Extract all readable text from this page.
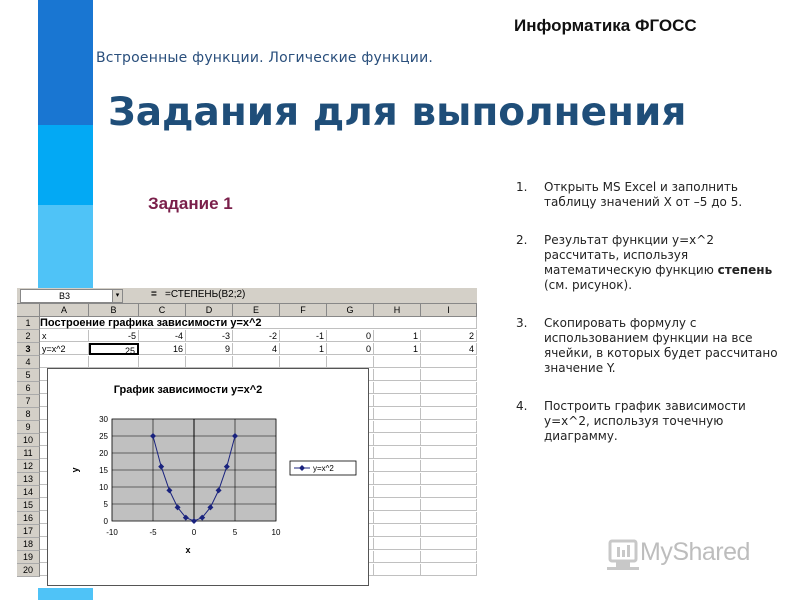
Информатика ФГОСС
Встроенные функции. Логические функции.
Задания для выполнения
Задание 1
1.	Открыть MS Excel и заполнить
таблицу значений Х от –5 до 5.
2.	Результат функции у=х^2
рассчитать, используя математическую функцию степень (см. рисунок).
3.	Скопировать формулу с
использованием функции на все ячейки, в которых будет рассчитано значение Y.
4.	Построить график зависимости
у=х^2, используя точечную диаграмму.
B3	▾	= =СТЕПЕНЬ(B2;2)
A	B	C	D	E	F	G	H	I
1
2	x	-5	-4	-3	-2	-1	0	1	2
3	y=x^2	25	16	9	4	1	0	1	4
4
5
6
7
8
9
10
11
12
13
14
15
16
17
18
19
20
Построение графика зависимости у=х^2
График зависимости у=х^2
0
5
10
15
20
25
30
-10	-5	0	5	10
x
y	y=x^2
MyShared
